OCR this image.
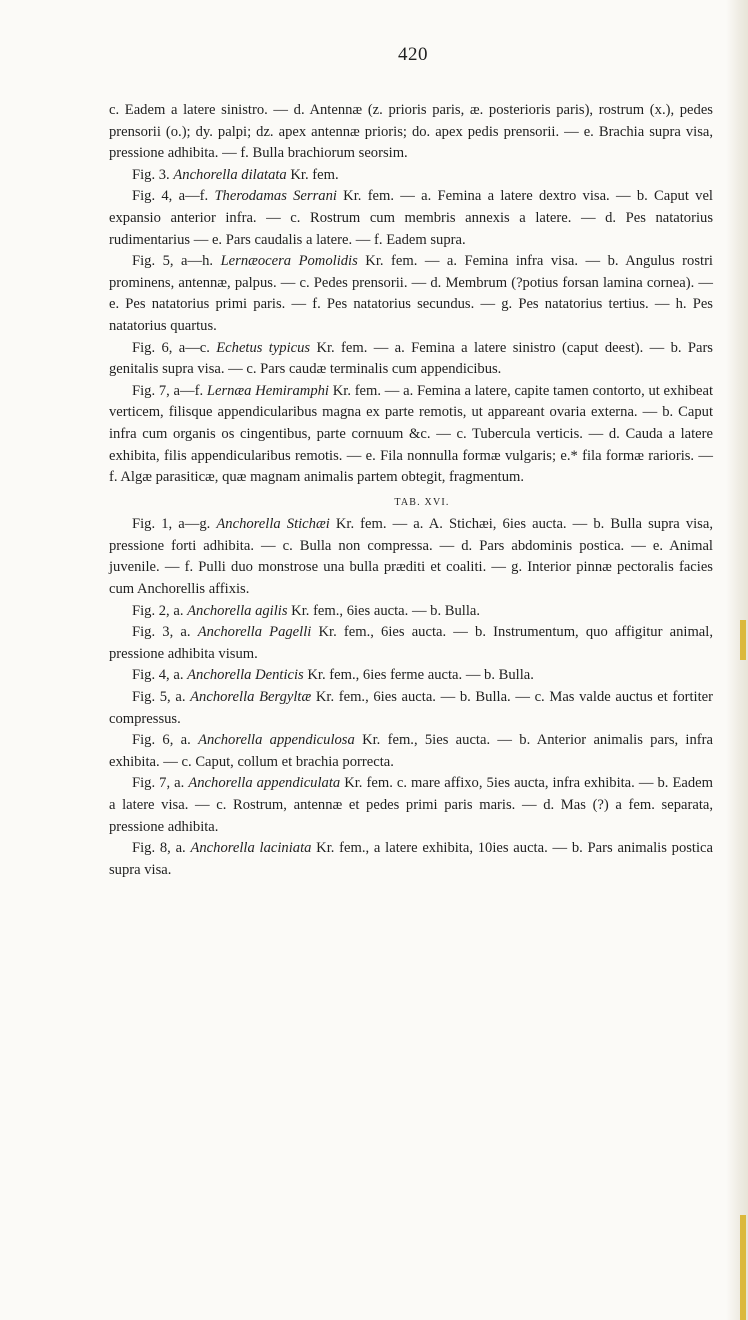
420

c. Eadem a latere sinistro. — d. Antennæ (z. prioris paris, æ. posterioris paris), rostrum (x.), pedes prensorii (o.); dy. palpi; dz. apex antennæ prioris; do. apex pedis prensorii. — e. Brachia supra visa, pressione adhibita. — f. Bulla brachiorum seorsim.

Fig. 3. Anchorella dilatata Kr. fem.

Fig. 4, a—f. Therodamas Serrani Kr. fem. — a. Femina a latere dextro visa. — b. Caput vel expansio anterior infra. — c. Rostrum cum membris annexis a latere. — d. Pes natatorius rudimentarius — e. Pars caudalis a latere. — f. Eadem supra.

Fig. 5, a—h. Lernæocera Pomolidis Kr. fem. — a. Femina infra visa. — b. Angulus rostri prominens, antennæ, palpus. — c. Pedes prensorii. — d. Membrum (?potius forsan lamina cornea). — e. Pes natatorius primi paris. — f. Pes natatorius secundus. — g. Pes natatorius tertius. — h. Pes natatorius quartus.

Fig. 6, a—c. Echetus typicus Kr. fem. — a. Femina a latere sinistro (caput deest). — b. Pars genitalis supra visa. — c. Pars caudæ terminalis cum appendicibus.

Fig. 7, a—f. Lernæa Hemiramphi Kr. fem. — a. Femina a latere, capite tamen contorto, ut exhibeat verticem, filisque appendicularibus magna ex parte remotis, ut appareant ovaria externa. — b. Caput infra cum organis os cingentibus, parte cornuum &c. — c. Tubercula verticis. — d. Cauda a latere exhibita, filis appendicularibus remotis. — e. Fila nonnulla formæ vulgaris; e.* fila formæ rarioris. — f. Algæ parasiticæ, quæ magnam animalis partem obtegit, fragmentum.

TAB. XVI.

Fig. 1, a—g. Anchorella Stichæi Kr. fem. — a. A. Stichæi, 6ies aucta. — b. Bulla supra visa, pressione forti adhibita. — c. Bulla non compressa. — d. Pars abdominis postica. — e. Animal juvenile. — f. Pulli duo monstrose una bulla præditi et coaliti. — g. Interior pinnæ pectoralis facies cum Anchorellis affixis.

Fig. 2, a. Anchorella agilis Kr. fem., 6ies aucta. — b. Bulla.

Fig. 3, a. Anchorella Pagelli Kr. fem., 6ies aucta. — b. Instrumentum, quo affigitur animal, pressione adhibita visum.

Fig. 4, a. Anchorella Denticis Kr. fem., 6ies ferme aucta. — b. Bulla.

Fig. 5, a. Anchorella Bergyltæ Kr. fem., 6ies aucta. — b. Bulla. — c. Mas valde auctus et fortiter compressus.

Fig. 6, a. Anchorella appendiculosa Kr. fem., 5ies aucta. — b. Anterior animalis pars, infra exhibita. — c. Caput, collum et brachia porrecta.

Fig. 7, a. Anchorella appendiculata Kr. fem. c. mare affixo, 5ies aucta, infra exhibita. — b. Eadem a latere visa. — c. Rostrum, antennæ et pedes primi paris maris. — d. Mas (?) a fem. separata, pressione adhibita.

Fig. 8, a. Anchorella laciniata Kr. fem., a latere exhibita, 10ies aucta. — b. Pars animalis postica supra visa.
